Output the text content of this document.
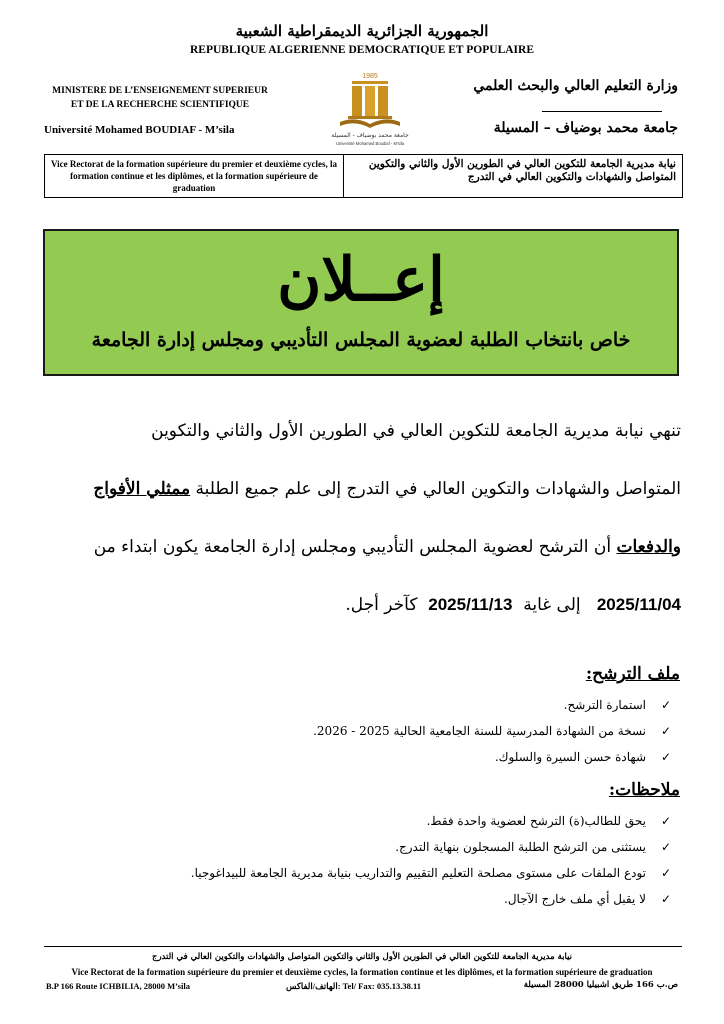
الجمهورية الجزائرية الديمقراطية الشعبية
REPUBLIQUE ALGERIENNE DEMOCRATIQUE ET POPULAIRE
MINISTERE DE L’ENSEIGNEMENT SUPERIEUR
ET DE LA RECHERCHE SCIENTIFIQUE
Université Mohamed BOUDIAF - M’sila
وزارة التعليم العالي والبحث العلمي
جامعة محمد بوضياف – المسيلة
1985
جامعة محمد بوضياف - المسيلة
Université Mohamed Boudiaf - M'sila
Vice Rectorat de la formation supérieure du premier et deuxième cycles, la formation continue et les diplômes, et la formation supérieure de graduation
نيابة مديرية الجامعة للتكوين العالي في الطورين الأول والثاني والتكوين المتواصل والشهادات والتكوين العالي في التدرج
إعــلان
خاص بانتخاب الطلبة لعضوية المجلس التأديبي ومجلس إدارة الجامعة
تنهي نيابة مديرية الجامعة للتكوين العالي في الطورين الأول والثاني والتكوين
المتواصل والشهادات والتكوين العالي في التدرج إلى علم جميع الطلبة ممثلي الأفواج
والدفعات أن الترشح لعضوية المجلس التأديبي ومجلس إدارة الجامعة يكون ابتداء من
2025/11/04   إلى غاية  2025/11/13  كآخر أجل.
ملف الترشح:
✓
استمارة الترشح.
✓
نسخة من الشهادة المدرسية للسنة الجامعية الحالية 2025 - 2026.
✓
شهادة حسن السيرة والسلوك.
ملاحظات:
✓
يحق للطالب(ة) الترشح لعضوية واحدة فقط.
✓
يستثنى من الترشح الطلبة المسجلون بنهاية التدرج.
✓
تودع الملفات على مستوى مصلحة التعليم التقييم والتداريب بنيابة مديرية الجامعة للبيداغوجيا.
✓
لا يقبل أي ملف خارج الآجال.
نيابة مديرية الجامعة للتكوين العالي في الطورين الأول والثاني والتكوين المتواصل والشهادات والتكوين العالي في التدرج
Vice Rectorat de la formation supérieure du premier et deuxième cycles, la formation continue et les diplômes, et la formation supérieure de graduation
B.P 166 Route ICHBILIA, 28000 M’sila	Tel/ Fax: 035.13.38.11 :الهاتف/الفاكس	ص.ب 166 طريق اشبيليا 28000 المسيلة
